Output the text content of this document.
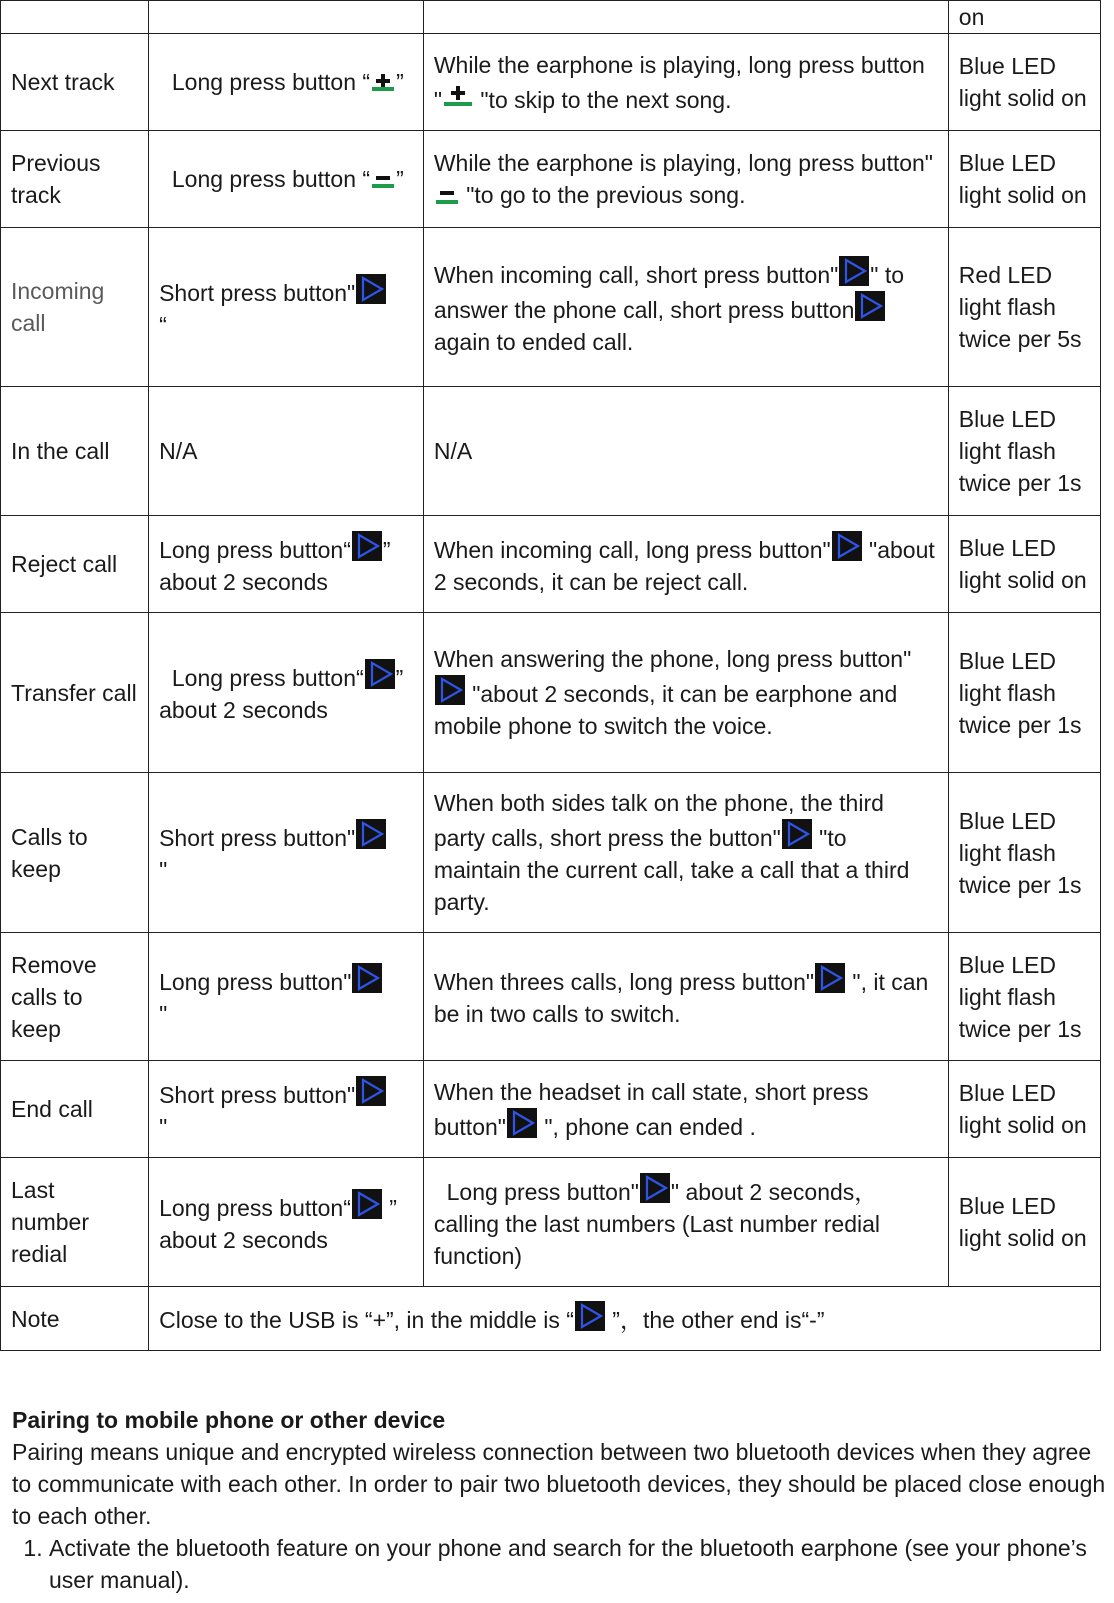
			on
Next track	Long press button “ ”	While the earphone is playing, long press button "
"to skip to the next song.	Blue LED light solid on
Previous track	Long press button “ ”	While the earphone is playing, long press button"
"to go to the previous song.	Blue LED light solid on
Incoming call	Short press button"

“	When incoming call, short press button" " to answer the phone call, short press button
again to ended call.	Red LED light flash twice per 5s
In the call	N/A	N/A	Blue LED light flash twice per 1s
Reject call	Long press button“ ” about 2 seconds	When incoming call, long press button"
"about 2 seconds, it can be reject call.	Blue LED light solid on
Transfer call	Long press button“ ” about 2 seconds	When answering the phone, long press button"
"about 2 seconds, it can be earphone and mobile phone to switch the voice.	Blue LED light flash twice per 1s
Calls to keep	Short press button"

"	When both sides talk on the phone, the third party calls, short press the button"
"to maintain the current call, take a call that a third party.	Blue LED light flash twice per 1s
Remove calls to keep	Long press button"

"	When threes calls, long press button"
", it can be in two calls to switch.	Blue LED light flash twice per 1s
End call	Short press button"

"	When the headset in call state, short press button"
", phone can ended .	Blue LED light solid on
Last number redial	Long press button“
” about 2 seconds	Long press button" " about 2 seconds，calling the last numbers (Last number redial function)	Blue LED light solid on
Note	Close to the USB is “+”, in the middle is “
”，the other end is“-”		
Pairing to mobile phone or other device

Pairing means unique and encrypted wireless connection between two bluetooth devices when they agree to communicate with each other. In order to pair two bluetooth devices, they should be placed close enough to each other.

1. Activate the bluetooth feature on your phone and search for the bluetooth earphone (see your phone’s user manual).
